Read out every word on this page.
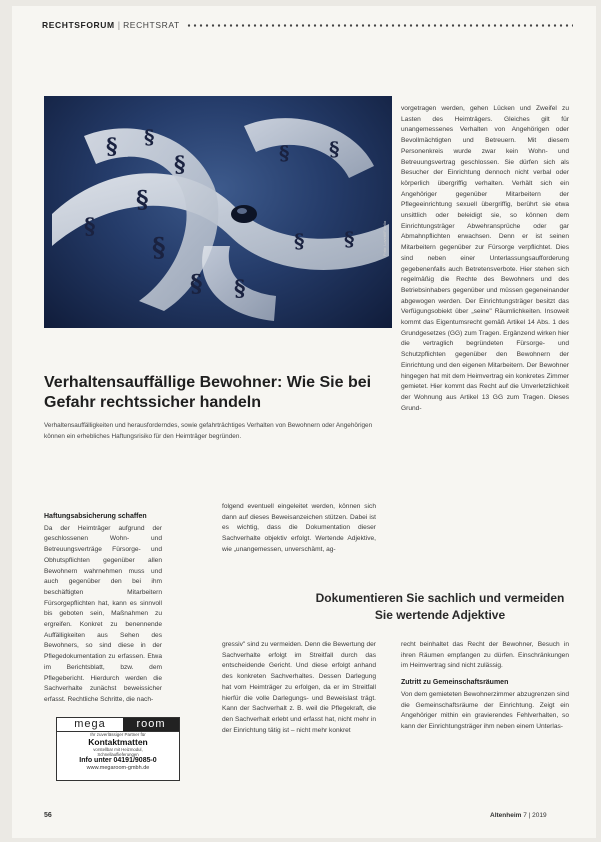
RECHTSFORUM | RECHTSRAT
§ §
§
§
§
§
§
§ §
§ §
§
Foto: Lovetti/Fotolia
Verhaltensauffällige Bewohner: Wie Sie bei Gefahr rechtssicher handeln

Verhaltensauffälligkeiten und herausforderndes, sowie gefahrträchtiges Verhalten von Bewohnern oder Angehörigen können ein erhebliches Haftungsrisiko für den Heimträger begründen.

Haftungsabsicherung schaffen

Da der Heimträger aufgrund der geschlossenen Wohn- und Betreuungsverträge Fürsorge- und Obhutspflichten gegenüber allen Bewohnern wahrnehmen muss und auch gegenüber den bei ihm beschäftigten Mitarbeitern Fürsorgepflichten hat, kann es sinnvoll bis geboten sein, Maßnahmen zu ergreifen. Konkret zu benennende Auffälligkeiten aus Sehen des Bewohners, so sind diese in der Pflegedokumentation zu erfassen. Etwa im Berichtsblatt, bzw. dem Pflegebericht. Hierdurch werden die Sachverhalte zunächst beweissicher erfasst. Rechtliche Schritte, die nach-

folgend eventuell eingeleitet werden, können sich dann auf dieses Beweisanzeichen stützen. Dabei ist es wichtig, dass die Dokumentation dieser Sachverhalte objektiv erfolgt. Wertende Adjektive, wie „unangemessen, unverschämt, ag-

Dokumentieren Sie sachlich und vermeiden Sie wertende Adjektive

gressiv" sind zu vermeiden. Denn die Bewertung der Sachverhalte erfolgt im Streitfall durch das entscheidende Gericht. Und diese erfolgt anhand des konkreten Sachverhaltes. Dessen Darlegung hat vom Heimträger zu erfolgen, da er im Streitfall hierfür die volle Darlegungs- und Beweislast trägt. Kann der Sachverhalt z. B. weil die Pflegekraft, die den Sachverhalt erlebt und erfasst hat, nicht mehr in der Einrichtung tätig ist – nicht mehr konkret

vorgetragen werden, gehen Lücken und Zweifel zu Lasten des Heimträgers. Gleiches gilt für unangemessenes Verhalten von Angehörigen oder Bevollmächtigten und Betreuern. Mit diesem Personenkreis wurde zwar kein Wohn- und Betreuungsvertrag geschlossen. Sie dürfen sich als Besucher der Einrichtung dennoch nicht verbal oder körperlich übergriffig verhalten. Verhält sich ein Angehöriger gegenüber Mitarbeitern der Pflegeeinrichtung sexuell übergriffig, berührt sie etwa unsittlich oder beleidigt sie, so können dem Einrichtungsträger Abwehransprüche oder gar Abmahnpflichten erwachsen. Denn er ist seinen Mitarbeitern gegenüber zur Fürsorge verpflichtet. Dies sind neben einer Unterlassungsaufforderung gegebenenfalls auch Betretensverbote. Hier stehen sich regelmäßig die Rechte des Bewohners und des Betriebsinhabers gegenüber und müssen gegeneinander abgewogen werden. Der Einrichtungsträger besitzt das Verfügungsobiekt über „seine" Räumlichkeiten. Insoweit kommt das Eigentumsrecht gemäß Artikel 14 Abs. 1 des Grundgesetzes (GG) zum Tragen. Ergänzend wirken hier die vertraglich begründeten Fürsorge- und Schutzpflichten gegenüber den Bewohnern der Einrichtung und den eigenen Mitarbeitern. Der Bewohner hingegen hat mit dem Heimvertrag ein konkretes Zimmer gemietet. Hier kommt das Recht auf die Unverletzlichkeit der Wohnung aus Artikel 13 GG zum Tragen. Dieses Grund-

recht beinhaltet das Recht der Bewohner, Besuch in ihren Räumen empfangen zu dürfen. Einschränkungen im Heimvertrag sind nicht zulässig.

Zutritt zu Gemeinschaftsräumen

Von dem gemieteten Bewohnerzimmer abzugrenzen sind die Gemeinschaftsräume der Einrichtung. Zeigt ein Angehöriger mithin ein gravierendes Fehlverhalten, so kann der Einrichtungsträger ihm neben einem Unterlas-

mega	room
Ihr zuverlässiger Partner für
Kontaktmatten
vorstellbar mit Heizmodul,
Schnellauflieferungen
Info unter 04191/9085-0
www.megaroom-gmbh.de
56	Altenheim 7 | 2019
